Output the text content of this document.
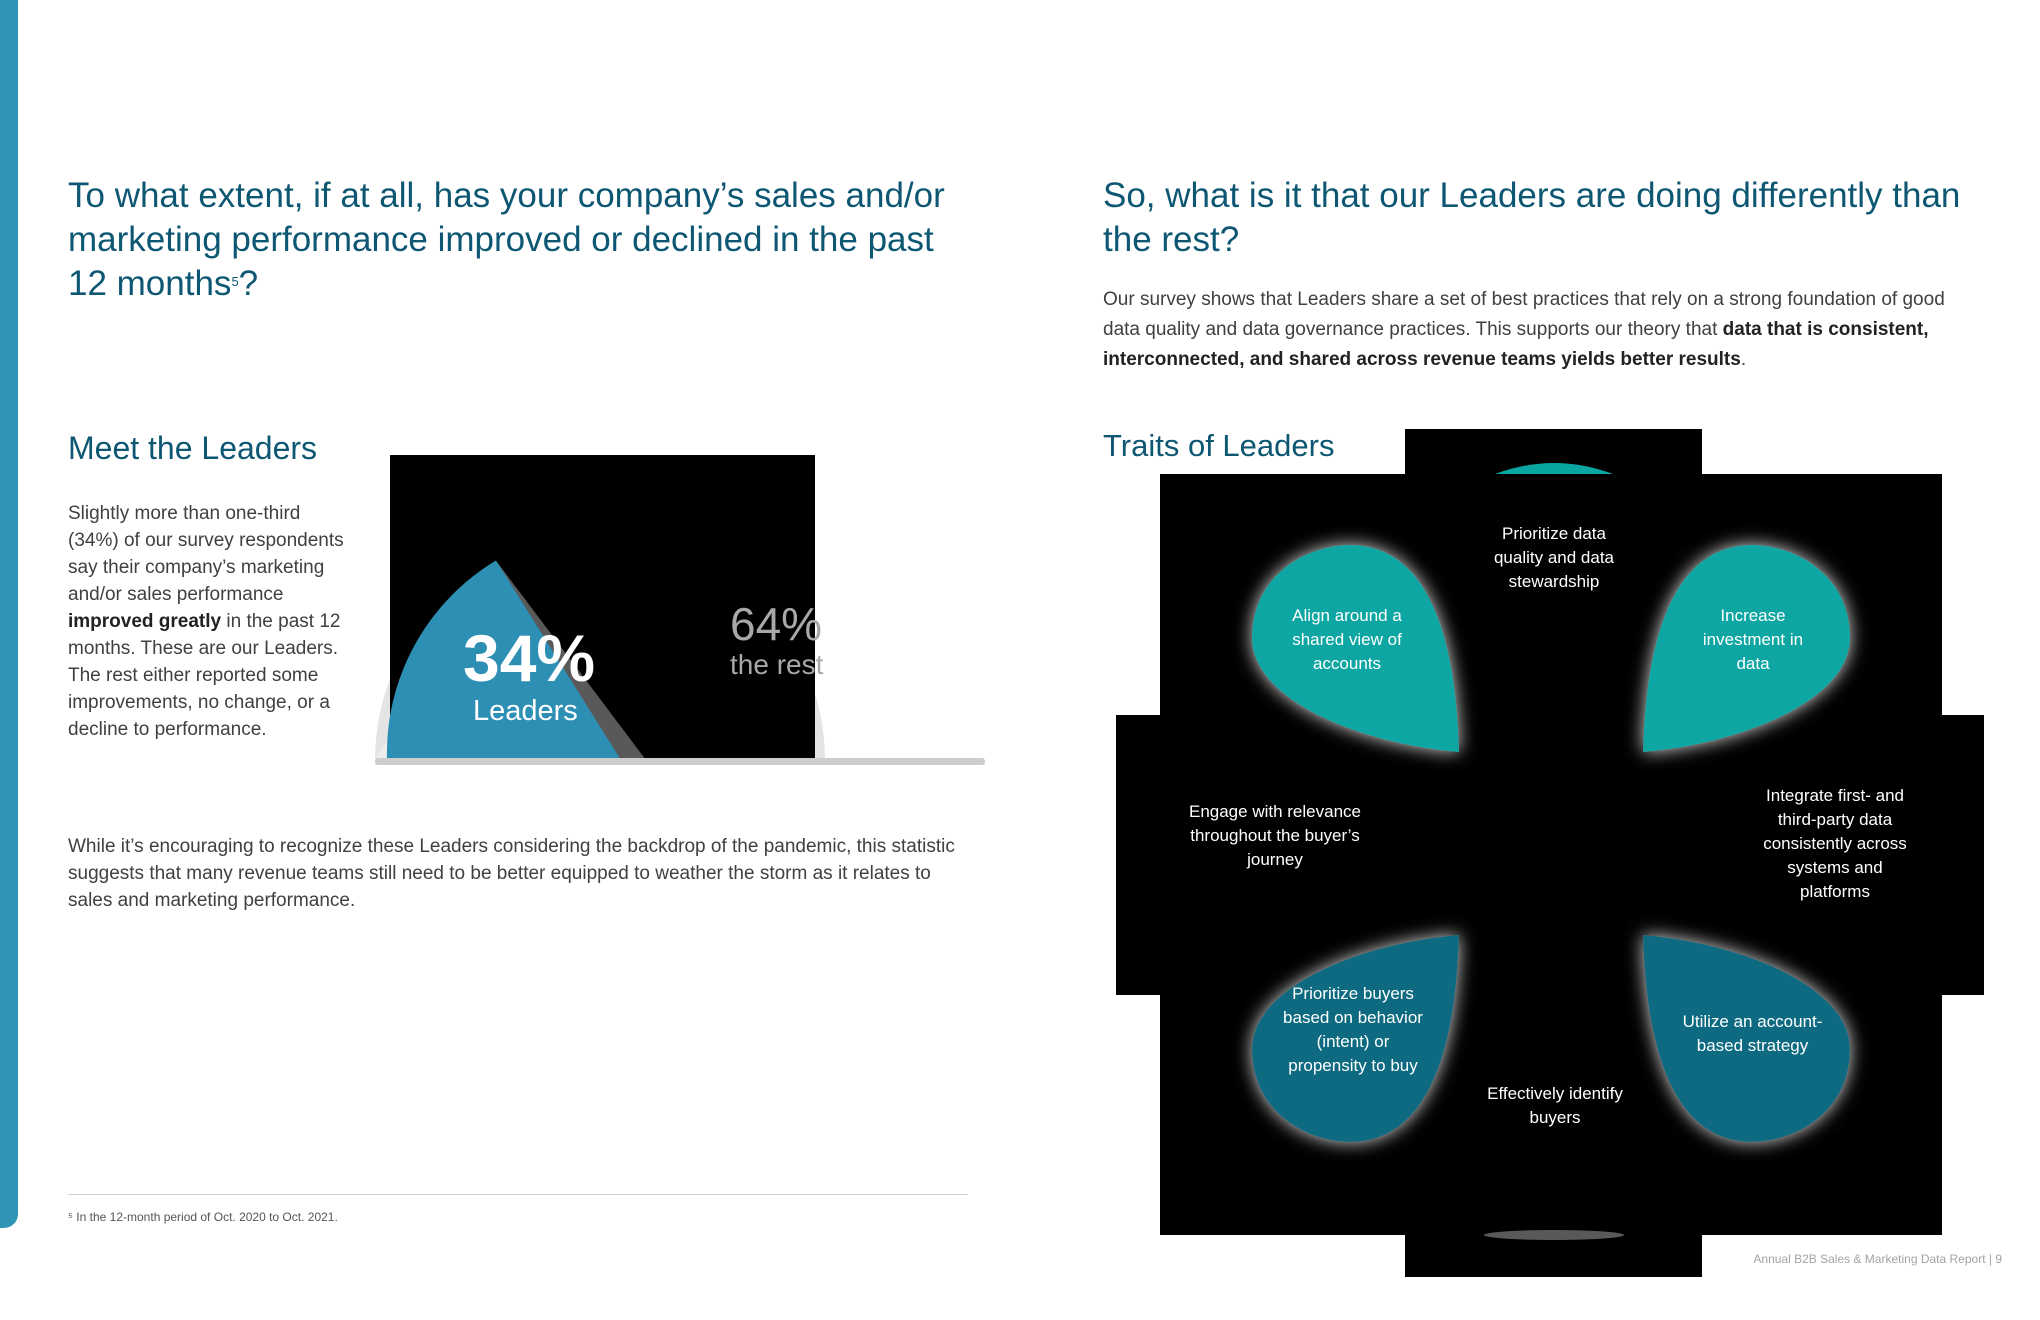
To what extent, if at all, has your company’s sales and/or
marketing performance improved or declined in the past
12 months$^5$?
Meet the Leaders

Slightly more than one-third (34%) of our survey respondents say their company’s marketing and/or sales performance improved greatly in the past 12 months. These are our Leaders. The rest either reported some improvements, no change, or a decline to performance.

34%
Leaders
64%
the rest

While it’s encouraging to recognize these Leaders considering the backdrop of the pandemic, this statistic suggests that many revenue teams still need to be better equipped to weather the storm as it relates to sales and marketing performance.

So, what is it that our Leaders are doing differently than
the rest?

Our survey shows that Leaders share a set of best practices that rely on a strong foundation of good data quality and data governance practices. This supports our theory that data that is consistent, interconnected, and shared across revenue teams yields better results.

Traits of Leaders
Prioritize data quality and data stewardship
Increase investment in data
Integrate first- and third-party data consistently across systems and platforms
Utilize an account-based strategy
Effectively identify buyers
Prioritize buyers based on behavior (intent) or propensity to buy
Engage with relevance throughout the buyer’s journey
Align around a shared view of accounts
⁵ In the 12-month period of Oct. 2020 to Oct. 2021.
Annual B2B Sales & Marketing Data Report | 9
